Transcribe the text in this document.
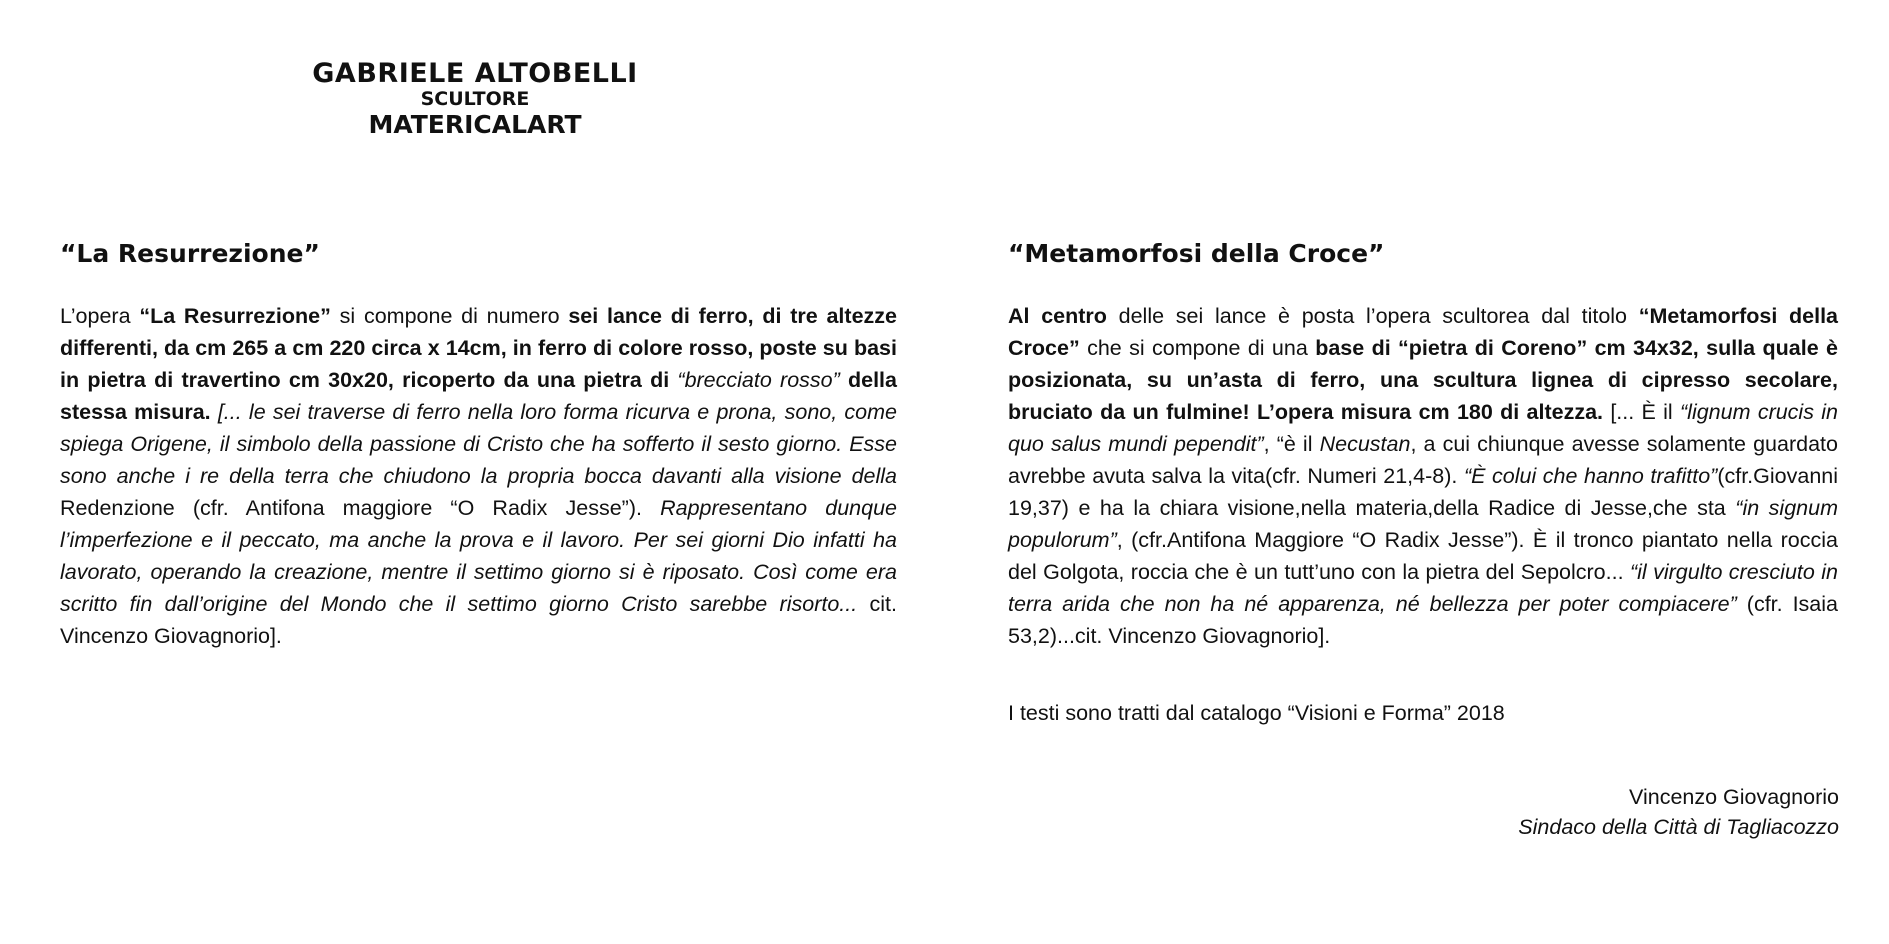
GABRIELE ALTOBELLI
SCULTORE
MATERICALART
“La Resurrezione”

L’opera “La Resurrezione” si compone di numero sei lance di ferro, di tre altezze differenti, da cm 265 a cm 220 circa x 14cm, in ferro di colore rosso, poste su basi in pietra di travertino cm 30x20, ricoperto da una pietra di “brecciato rosso” della stessa misura. [... le sei traverse di ferro nella loro forma ricurva e prona, sono, come spiega Origene, il simbolo della passione di Cristo che ha sofferto il sesto giorno. Esse sono anche i re della terra che chiudono la propria bocca davanti alla visione della Redenzione (cfr. Antifona maggiore “O Radix Jesse”). Rappresentano dunque l’imperfezione e il peccato, ma anche la prova e il lavoro. Per sei giorni Dio infatti ha lavorato, operando la creazione, mentre il settimo giorno si è riposato. Così come era scritto fin dall’origine del Mondo che il settimo giorno Cristo sarebbe risorto... cit. Vincenzo Giovagnorio].

“Metamorfosi della Croce”

Al centro delle sei lance è posta l’opera scultorea dal titolo “Metamorfosi della Croce” che si compone di una base di “pietra di Coreno” cm 34x32, sulla quale è posizionata, su un’asta di ferro, una scultura lignea di cipresso secolare, bruciato da un fulmine! L’opera misura cm 180 di altezza. [... È il “lignum crucis in quo salus mundi pependit”, “è il Necustan, a cui chiunque avesse solamente guardato avrebbe avuta salva la vita(cfr. Numeri 21,4-8). “È colui che hanno trafitto”(cfr.Giovanni 19,37) e ha la chiara visione,nella materia,della Radice di Jesse,che sta “in signum populorum”, (cfr.Antifona Maggiore “O Radix Jesse”). È il tronco piantato nella roccia del Golgota, roccia che è un tutt’uno con la pietra del Sepolcro... “il virgulto cresciuto in terra arida che non ha né apparenza, né bellezza per poter compiacere” (cfr. Isaia 53,2)...cit. Vincenzo Giovagnorio].

I testi sono tratti dal catalogo “Visioni e Forma” 2018
Vincenzo Giovagnorio
Sindaco della Città di Tagliacozzo
